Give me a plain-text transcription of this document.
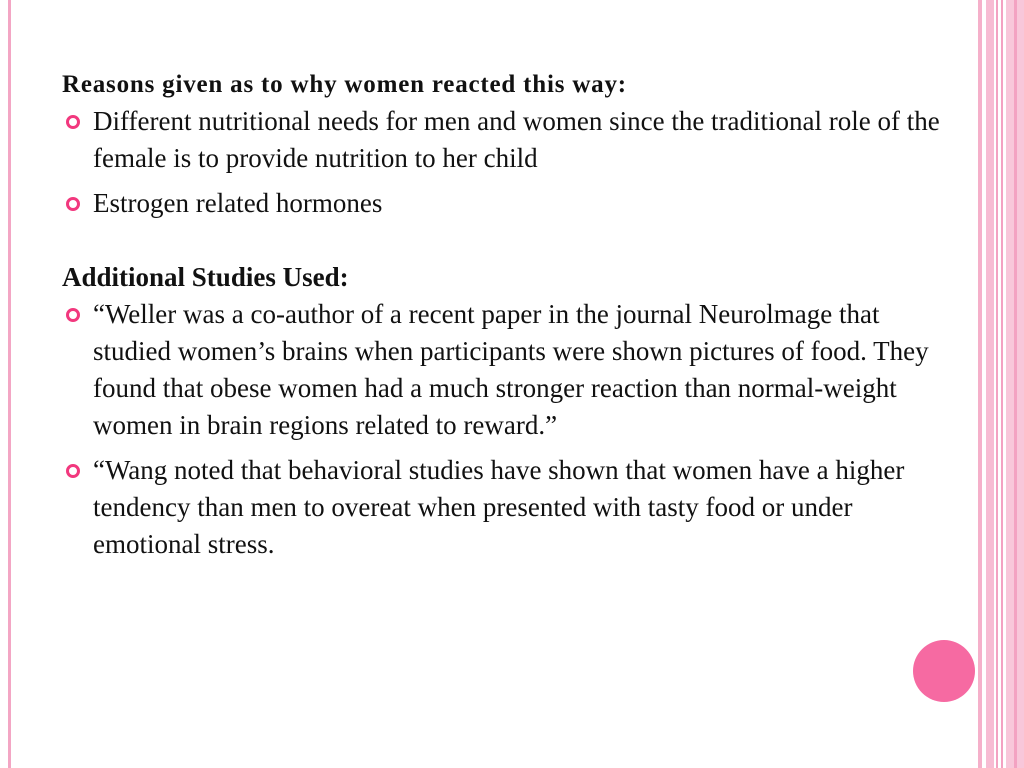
Reasons given as to why women reacted this way:

Different nutritional needs for men and women since the traditional role of the female is to provide nutrition to her child
Estrogen related hormones

Additional Studies Used:

“Weller was a co-author of a recent paper in the journal Neurolmage that studied women’s brains when participants were shown pictures of food. They found that obese women had a much stronger reaction than normal-weight women in brain regions related to reward.”
“Wang noted that behavioral studies have shown that women have a higher tendency than men to overeat when presented with tasty food or under emotional stress.
